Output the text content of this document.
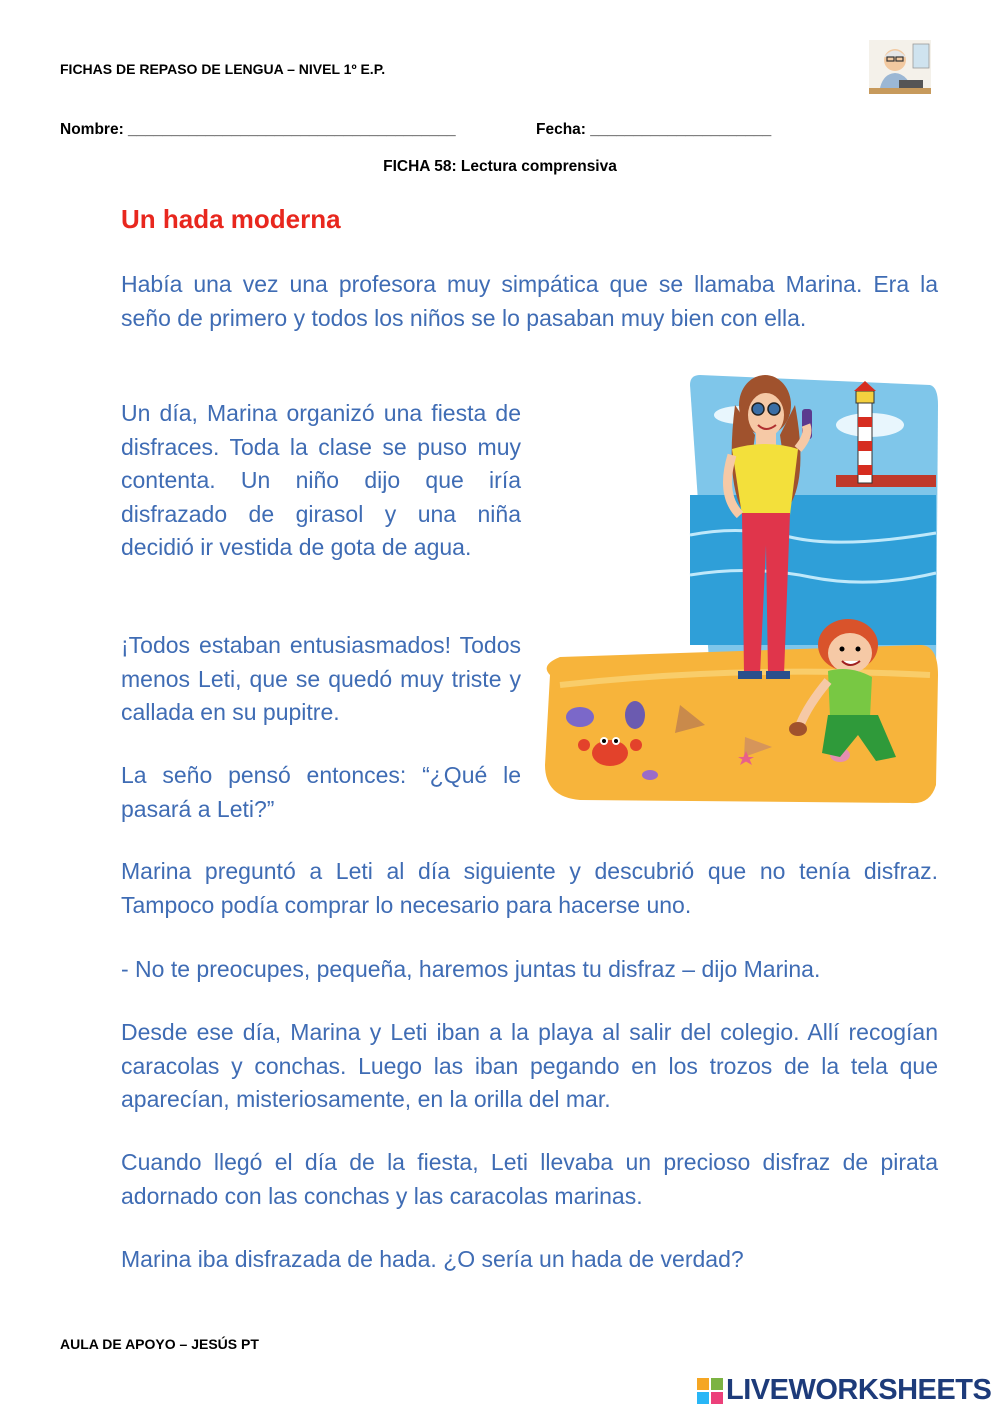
FICHAS DE REPASO DE LENGUA – NIVEL 1º E.P.
Nombre: ______________________________________	Fecha: _____________________
FICHA 58: Lectura comprensiva
Un hada moderna

Había una vez una profesora muy simpática que se llamaba Marina. Era la seño de primero y todos los niños se lo pasaban muy bien con ella.

Un día, Marina organizó una fiesta de disfraces. Toda la clase se puso muy contenta. Un niño dijo que iría disfrazado de girasol y una niña decidió ir vestida de gota de agua.

¡Todos estaban entusiasmados! Todos menos Leti, que se quedó muy triste y callada en su pupitre.

La seño pensó entonces: “¿Qué le pasará a Leti?”

Marina preguntó a Leti al día siguiente y descubrió que no tenía disfraz. Tampoco podía comprar lo necesario para hacerse uno.

- No te preocupes, pequeña, haremos juntas tu disfraz – dijo Marina.

Desde ese día, Marina y Leti iban a la playa al salir del colegio. Allí recogían caracolas y conchas. Luego las iban pegando en los trozos de la tela que aparecían, misteriosamente, en la orilla del mar.

Cuando llegó el día de la fiesta, Leti llevaba un precioso disfraz de pirata adornado con las conchas y las caracolas marinas.

Marina iba disfrazada de hada. ¿O sería un hada de verdad?

AULA DE APOYO – JESÚS PT
LIVEWORKSHEETS
